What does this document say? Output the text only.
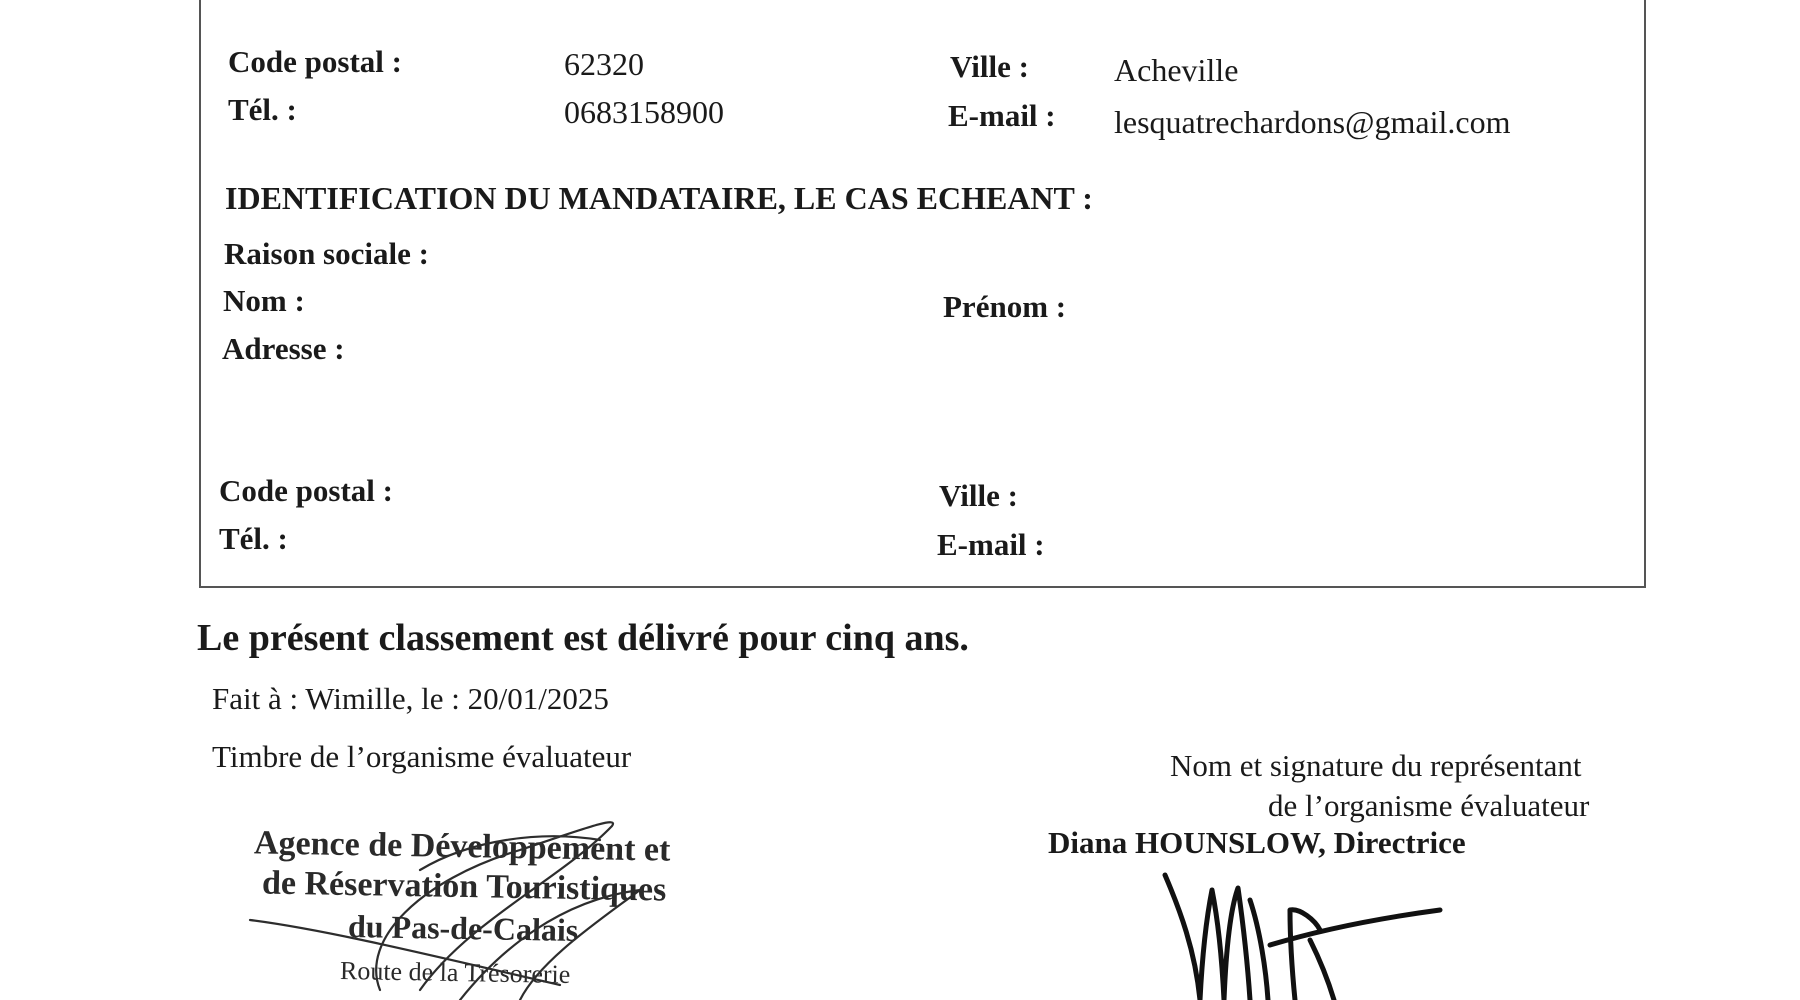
Code postal :	62320	Ville :	Acheville
Tél. :	0683158900	E-mail : lesquatrechardons@gmail.com
IDENTIFICATION DU MANDATAIRE, LE CAS ECHEANT :
Raison sociale :
Nom :	Prénom :
Adresse :
Code postal :	Ville :
Tél. :	E-mail :
Le présent classement est délivré pour cinq ans.
Fait à : Wimille, le : 20/01/2025
Timbre de l’organisme évaluateur	Nom et signature du représentant
de l’organisme évaluateur
Diana HOUNSLOW, Directrice
Agence de Développement et
de Réservation Touristiques
du Pas-de-Calais
Route de la Trésorerie
